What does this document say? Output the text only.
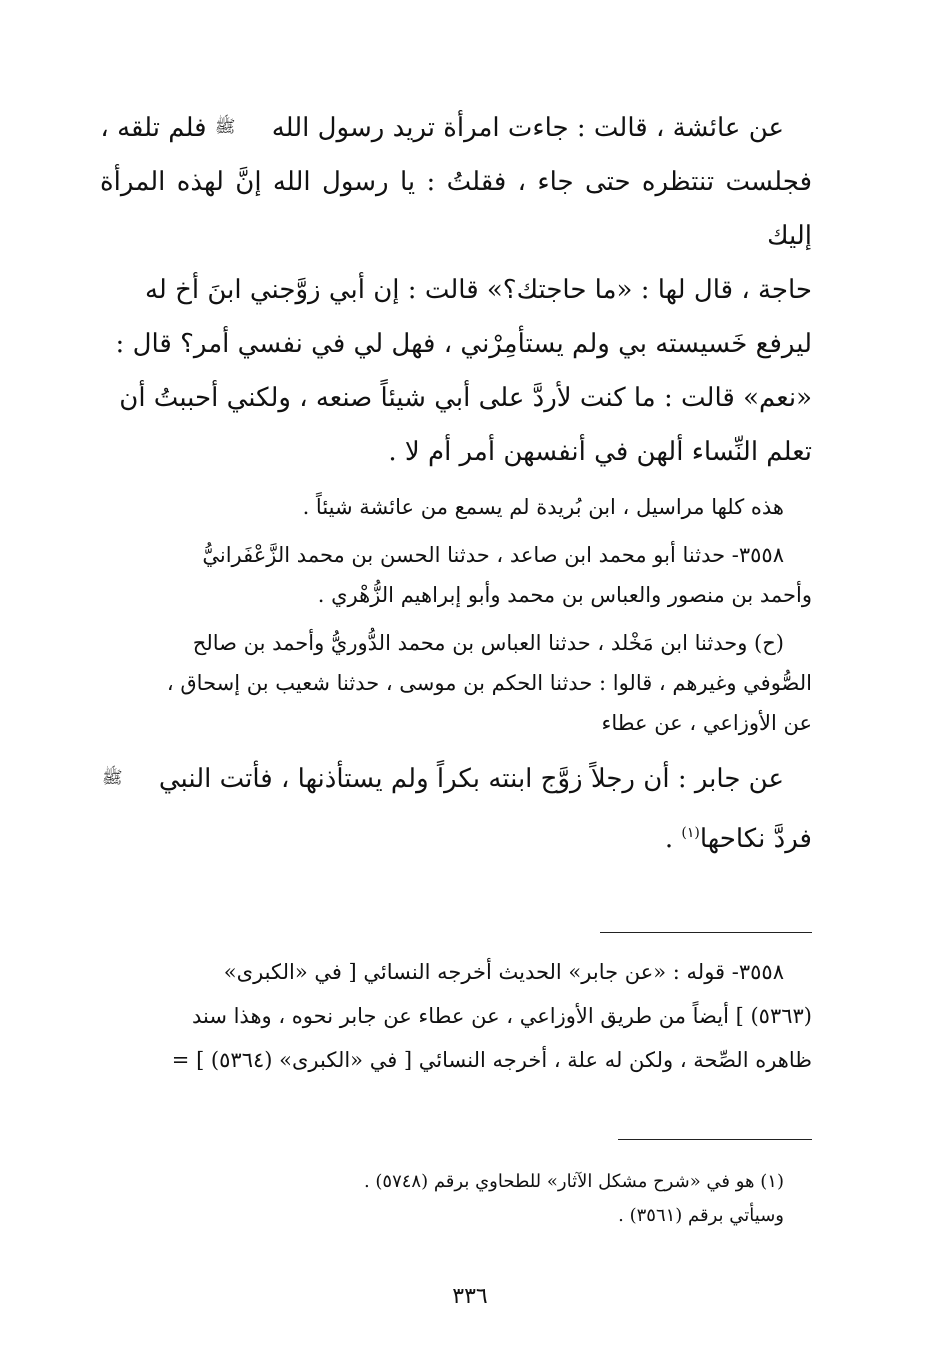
عن عائشة ، قالت : جاءت امرأة تريد رسول الله ﷺ فلم تلقه ،

فجلست تنتظره حتى جاء ، فقلتُ : يا رسول الله إنَّ لهذه المرأة إليك

حاجة ، قال لها : «ما حاجتك؟» قالت : إن أبي زوَّجني ابنَ أخ له

ليرفع خَسيسته بي ولم يستأمِرْني ، فهل لي في نفسي أمر؟ قال :

«نعم» قالت : ما كنت لأردَّ على أبي شيئاً صنعه ، ولكني أحببتُ أن

تعلم النِّساء ألهن في أنفسهن أمر أم لا .

هذه كلها مراسيل ، ابن بُريدة لم يسمع من عائشة شيئاً .

٣٥٥٨- حدثنا أبو محمد ابن صاعد ، حدثنا الحسن بن محمد الزَّعْفَرانيُّ

وأحمد بن منصور والعباس بن محمد وأبو إبراهيم الزُّهْري .

(ح) وحدثنا ابن مَخْلد ، حدثنا العباس بن محمد الدُّوريُّ وأحمد بن صالح

الصُّوفي وغيرهم ، قالوا : حدثنا الحكم بن موسى ، حدثنا شعيب بن إسحاق ،

عن الأوزاعي ، عن عطاء

عن جابر : أن رجلاً زوَّج ابنته بكراً ولم يستأذنها ، فأتت النبي ﷺ

فردَّ نكاحها$^{(١)}$ .

٣٥٥٨- قوله : «عن جابر» الحديث أخرجه النسائي [ في «الكبرى»

(٥٣٦٣) ] أيضاً من طريق الأوزاعي ، عن عطاء عن جابر نحوه ، وهذا سند

ظاهره الصِّحة ، ولكن له علة ، أخرجه النسائي [ في «الكبرى» (٥٣٦٤) ] =

(١) هو في «شرح مشكل الآثار» للطحاوي برقم (٥٧٤٨) .

وسيأتي برقم (٣٥٦١) .

٣٣٦
